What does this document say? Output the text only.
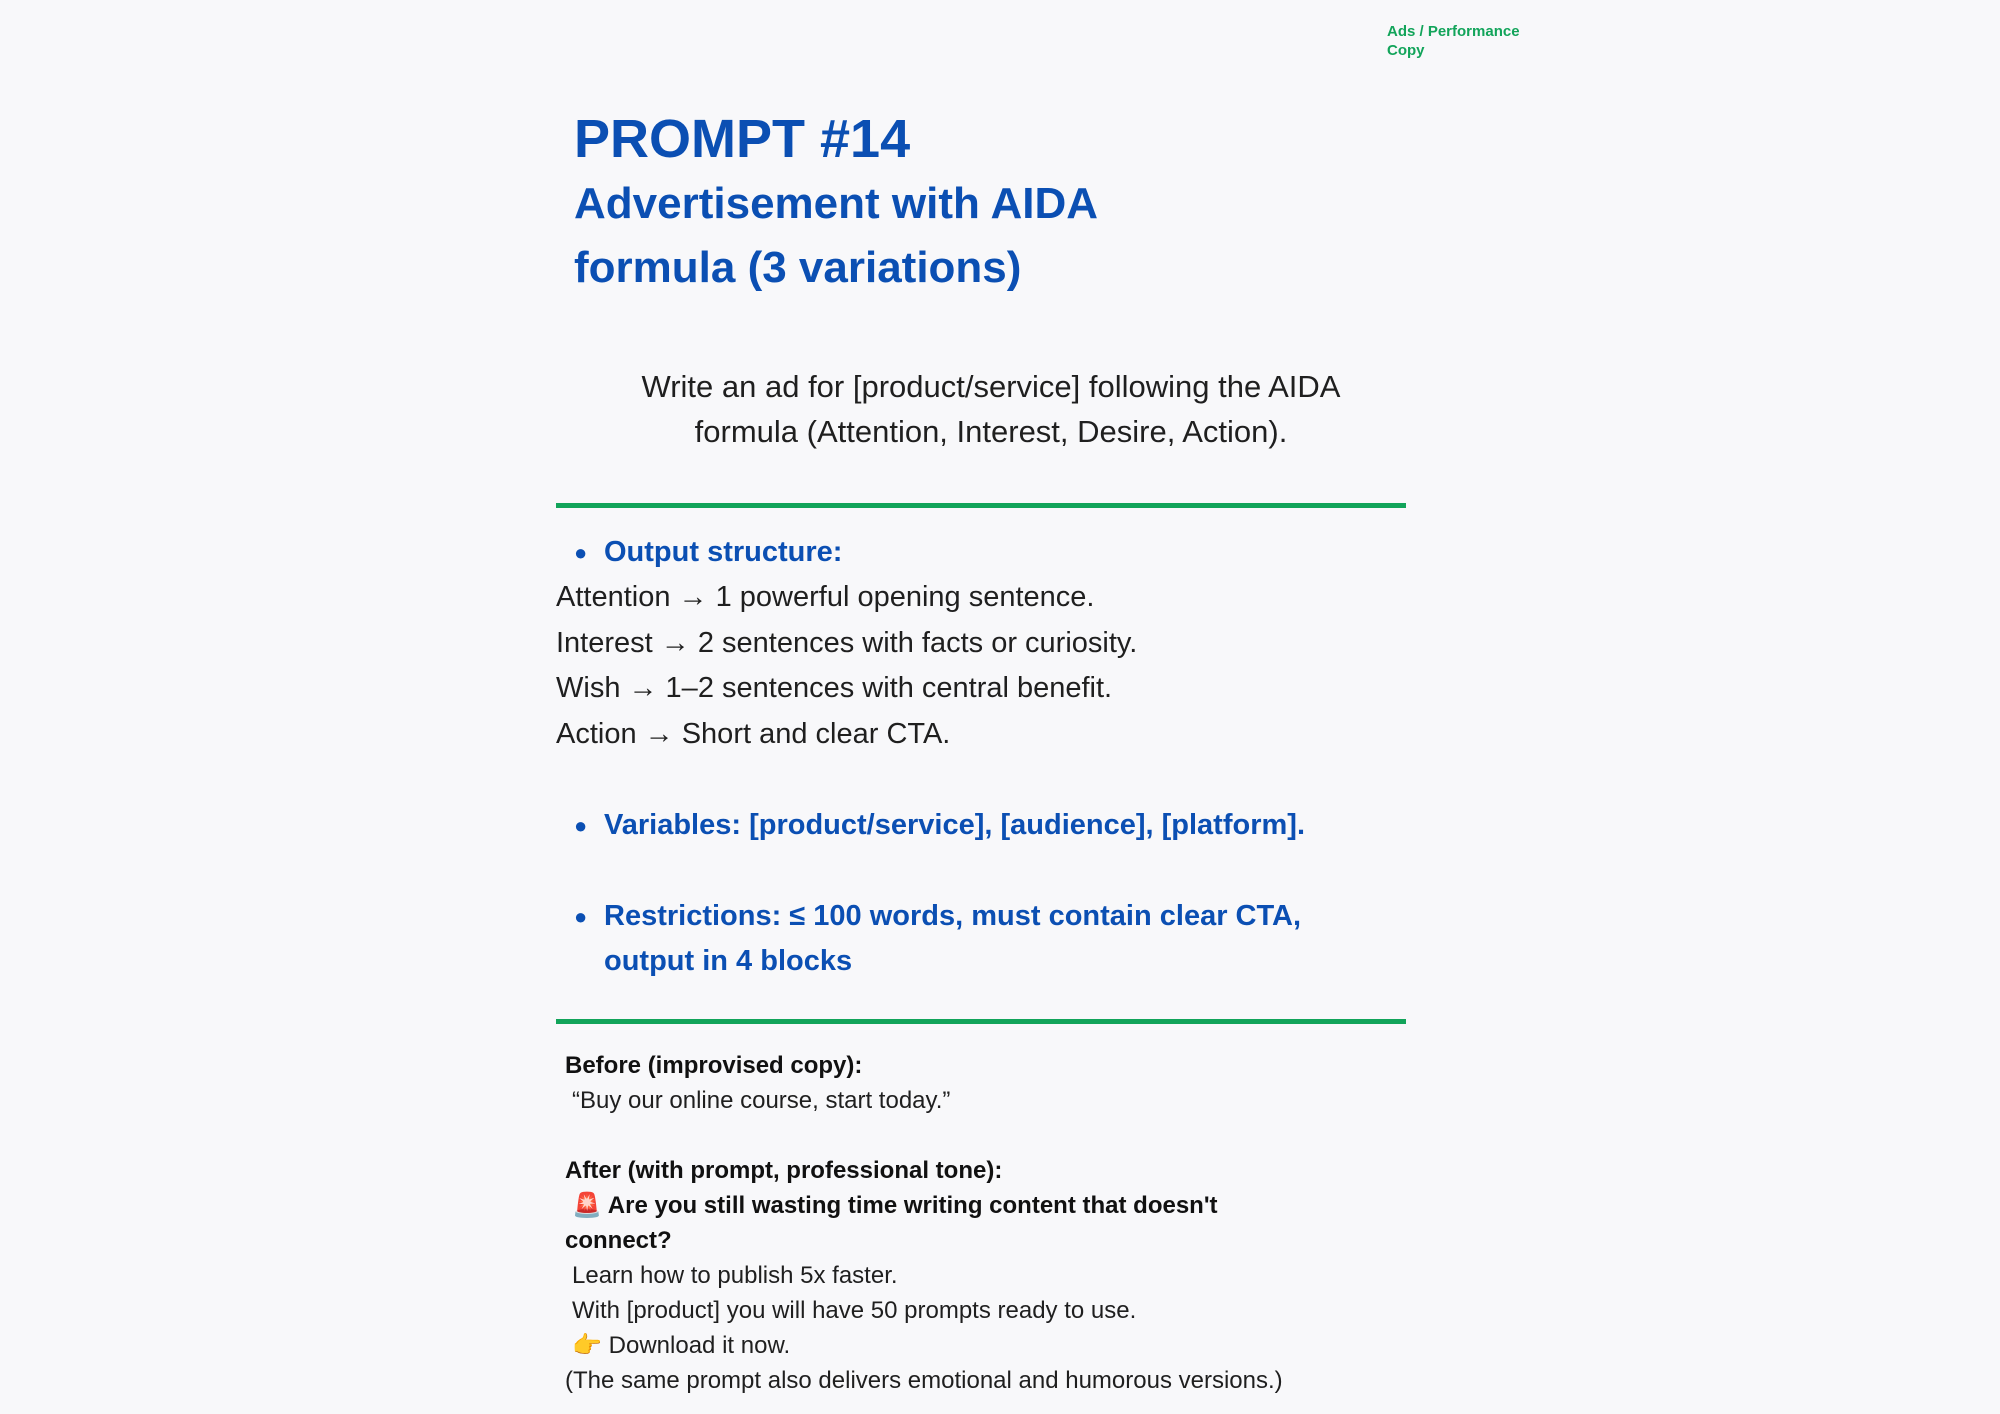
Ads / Performance
Copy
PROMPT #14
Advertisement with AIDA
formula (3 variations)
Write an ad for [product/service] following the AIDA
formula (Attention, Interest, Desire, Action).
● Output structure:
Attention → 1 powerful opening sentence.
Interest → 2 sentences with facts or curiosity.
Wish → 1–2 sentences with central benefit.
Action → Short and clear CTA.
● Variables: [product/service], [audience], [platform].
● Restrictions: ≤ 100 words, must contain clear CTA,
output in 4 blocks
Before (improvised copy):
“Buy our online course, start today.”
After (with prompt, professional tone):
🚨 Are you still wasting time writing content that doesn't
connect?
Learn how to publish 5x faster.
With [product] you will have 50 prompts ready to use.
👉 Download it now.
(The same prompt also delivers emotional and humorous versions.)
